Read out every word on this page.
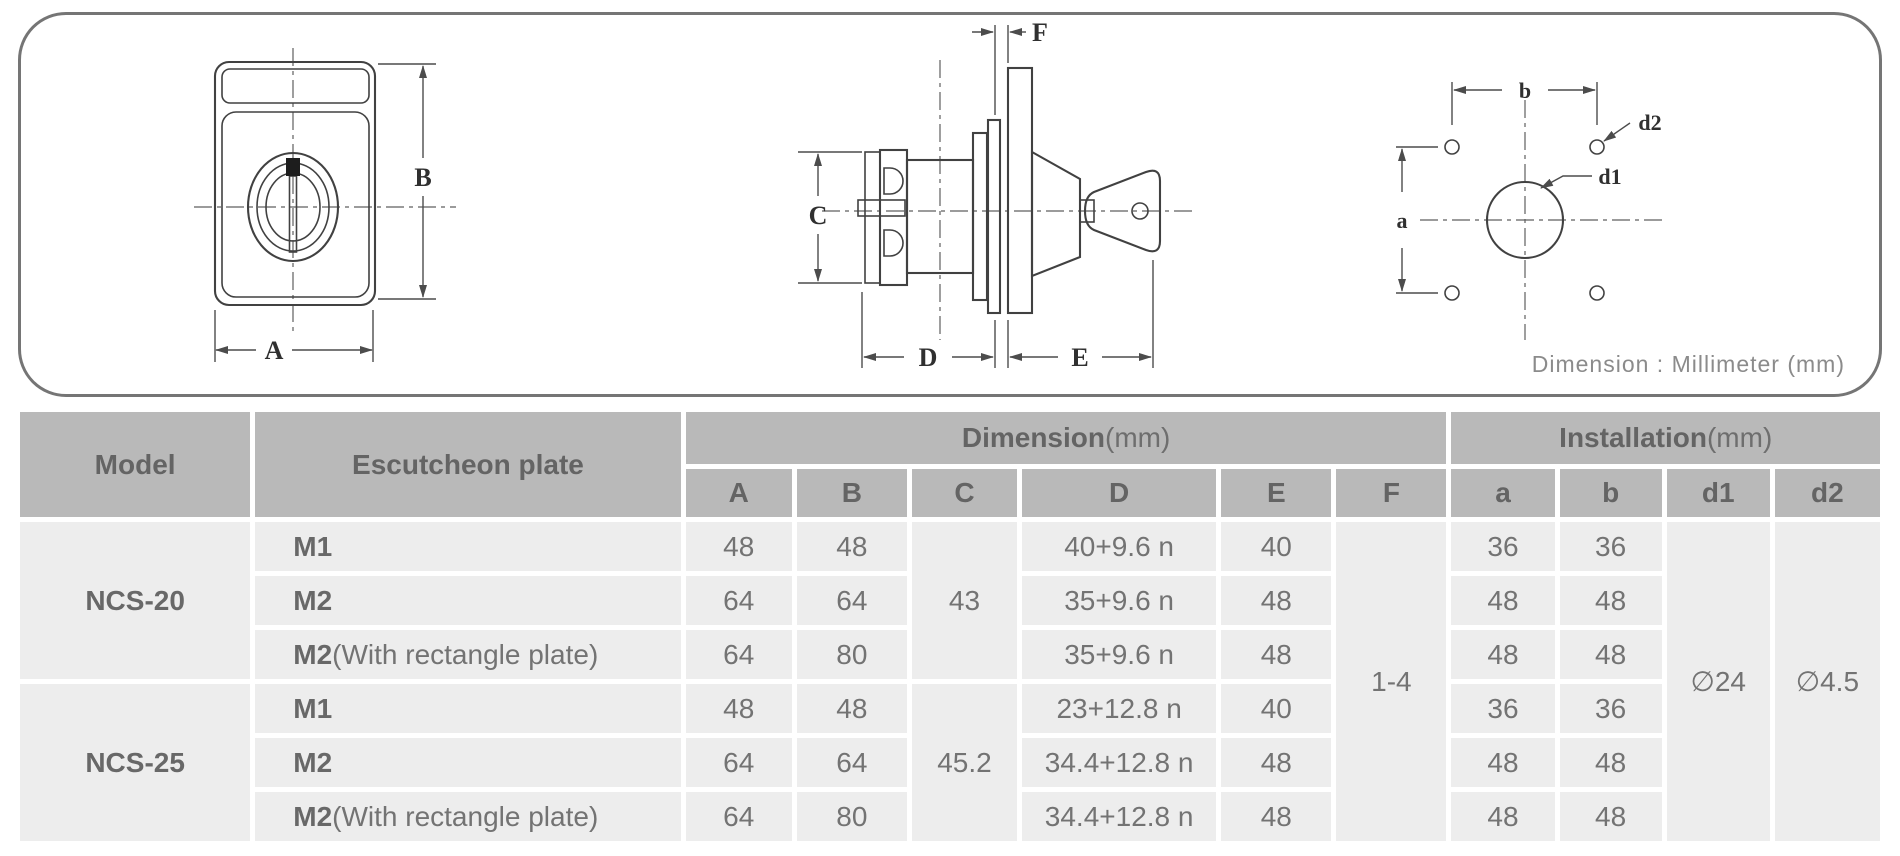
Dimension : Millimeter (mm)
B
A
C
D	E
F
b
a
d1
d2
Model	Escutcheon plate	Dimension(mm)						Installation(mm)			
		A	B	C	D	E	F	a	b	d1	d2
NCS-20	M1	48	48	43	40+9.6 n	40	1-4	36	36	∅24	∅4.5
	M2	64	64		35+9.6 n	48		48	48		
	M2(With rectangle plate)	64	80		35+9.6 n	48		48	48		
NCS-25	M1	48	48	45.2	23+12.8 n	40		36	36		
	M2	64	64		34.4+12.8 n	48		48	48		
	M2(With rectangle plate)	64	80		34.4+12.8 n	48		48	48		
